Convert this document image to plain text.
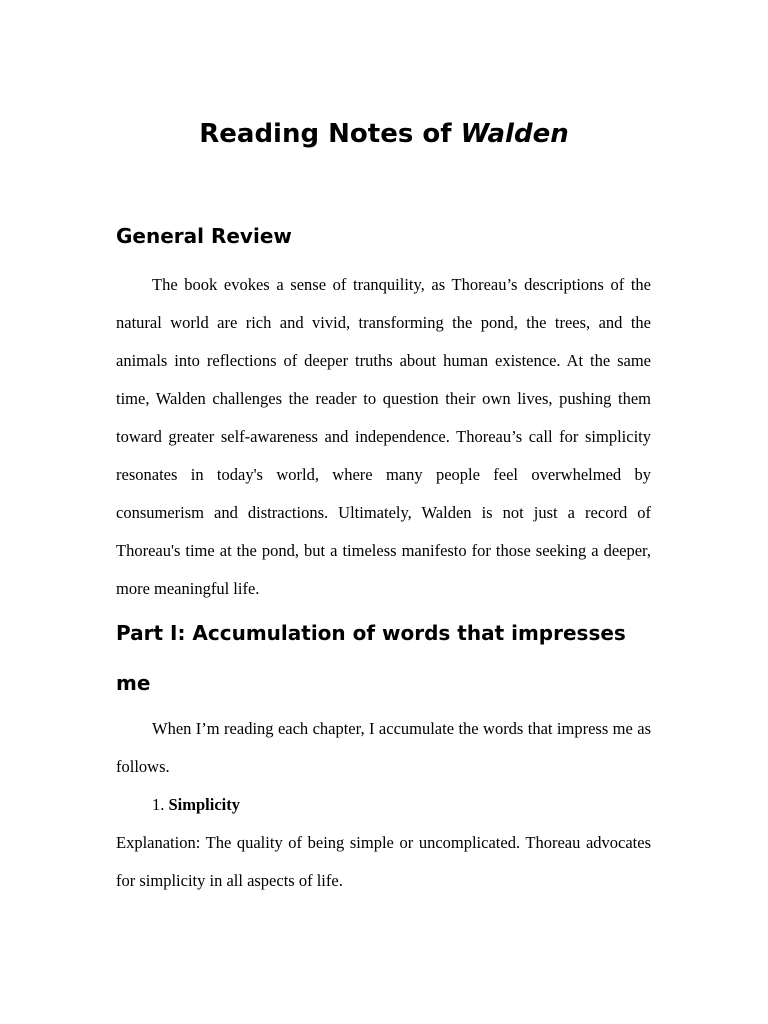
Reading Notes of Walden
General Review

The book evokes a sense of tranquility, as Thoreau’s descriptions of the natural world are rich and vivid, transforming the pond, the trees, and the animals into reflections of deeper truths about human existence. At the same time, Walden challenges the reader to question their own lives, pushing them toward greater self-awareness and independence. Thoreau’s call for simplicity resonates in today's world, where many people feel overwhelmed by consumerism and distractions. Ultimately, Walden is not just a record of Thoreau's time at the pond, but a timeless manifesto for those seeking a deeper, more meaningful life.

Part I: Accumulation of words that impresses me

When I’m reading each chapter, I accumulate the words that impress me as follows.

1. Simplicity

Explanation: The quality of being simple or uncomplicated. Thoreau advocates for simplicity in all aspects of life.
